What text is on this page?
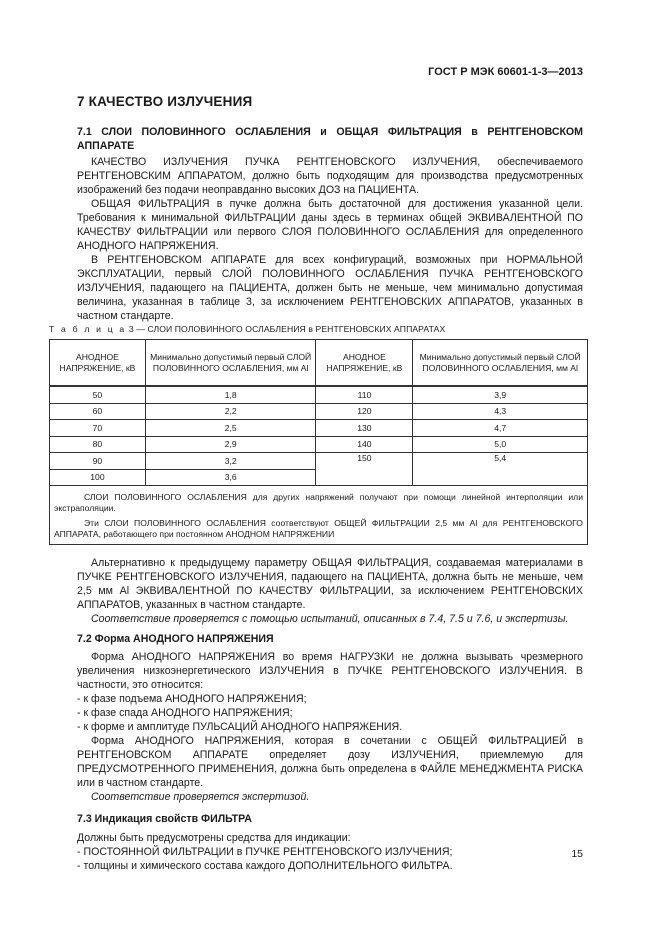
ГОСТ Р МЭК 60601-1-3—2013
7 КАЧЕСТВО ИЗЛУЧЕНИЯ

7.1 СЛОИ ПОЛОВИННОГО ОСЛАБЛЕНИЯ и ОБЩАЯ ФИЛЬТРАЦИЯ в РЕНТГЕНОВСКОМ АППАРАТЕ

КАЧЕСТВО ИЗЛУЧЕНИЯ ПУЧКА РЕНТГЕНОВСКОГО ИЗЛУЧЕНИЯ, обеспечиваемого РЕНТГЕНОВСКИМ АППАРАТОМ, должно быть подходящим для производства предусмотренных изображений без подачи неоправданно высоких ДОЗ на ПАЦИЕНТА.

ОБЩАЯ ФИЛЬТРАЦИЯ в пучке должна быть достаточной для достижения указанной цели. Требования к минимальной ФИЛЬТРАЦИИ даны здесь в терминах общей ЭКВИВАЛЕНТНОЙ ПО КАЧЕСТВУ ФИЛЬТРАЦИИ или первого СЛОЯ ПОЛОВИННОГО ОСЛАБЛЕНИЯ для определенного АНОДНОГО НАПРЯЖЕНИЯ.

В РЕНТГЕНОВСКОМ АППАРАТЕ для всех конфигураций, возможных при НОРМАЛЬНОЙ ЭКСПЛУАТАЦИИ, первый СЛОЙ ПОЛОВИННОГО ОСЛАБЛЕНИЯ ПУЧКА РЕНТГЕНОВСКОГО ИЗЛУЧЕНИЯ, падающего на ПАЦИЕНТА, должен быть не меньше, чем минимально допустимая величина, указанная в таблице 3, за исключением РЕНТГЕНОВСКИХ АППАРАТОВ, указанных в частном стандарте.

Т а б л и ц а 3 — СЛОИ ПОЛОВИННОГО ОСЛАБЛЕНИЯ в РЕНТГЕНОВСКИХ АППАРАТАХ
АНОДНОЕ НАПРЯЖЕНИЕ, кВ	Минимально допустимый первый СЛОЙ ПОЛОВИННОГО ОСЛАБЛЕНИЯ, мм Al	АНОДНОЕ НАПРЯЖЕНИЕ, кВ	Минимально допустимый первый СЛОЙ ПОЛОВИННОГО ОСЛАБЛЕНИЯ, мм Al
50	1,8	110	3,9
60	2,2	120	4,3
70	2,5	130	4,7
80	2,9	140	5,0
90	3,2	150	5,4
100	3,6		

СЛОИ ПОЛОВИННОГО ОСЛАБЛЕНИЯ для других напряжений получают при помощи линейной интерполяции или экстраполяции.

Эти СЛОИ ПОЛОВИННОГО ОСЛАБЛЕНИЯ соответствуют ОБЩЕЙ ФИЛЬТРАЦИИ 2,5 мм Al для РЕНТГЕНОВСКОГО АППАРАТА, работающего при постоянном АНОДНОМ НАПРЯЖЕНИИ			

Альтернативно к предыдущему параметру ОБЩАЯ ФИЛЬТРАЦИЯ, создаваемая материалами в ПУЧКЕ РЕНТГЕНОВСКОГО ИЗЛУЧЕНИЯ, падающего на ПАЦИЕНТА, должна быть не меньше, чем 2,5 мм Al ЭКВИВАЛЕНТНОЙ ПО КАЧЕСТВУ ФИЛЬТРАЦИИ, за исключением РЕНТГЕНОВСКИХ АППАРАТОВ, указанных в частном стандарте.

Соответствие проверяется с помощью испытаний, описанных в 7.4, 7.5 и 7.6, и экспертизы.

7.2 Форма АНОДНОГО НАПРЯЖЕНИЯ

Форма АНОДНОГО НАПРЯЖЕНИЯ во время НАГРУЗКИ не должна вызывать чрезмерного увеличения низкоэнергетического ИЗЛУЧЕНИЯ в ПУЧКЕ РЕНТГЕНОВСКОГО ИЗЛУЧЕНИЯ. В частности, это относится:

- к фазе подъема АНОДНОГО НАПРЯЖЕНИЯ;
- к фазе спада АНОДНОГО НАПРЯЖЕНИЯ;
- к форме и амплитуде ПУЛЬСАЦИЙ АНОДНОГО НАПРЯЖЕНИЯ.

Форма АНОДНОГО НАПРЯЖЕНИЯ, которая в сочетании с ОБЩЕЙ ФИЛЬТРАЦИЕЙ в РЕНТГЕНОВСКОМ АППАРАТЕ определяет дозу ИЗЛУЧЕНИЯ, приемлемую для ПРЕДУСМОТРЕННОГО ПРИМЕНЕНИЯ, должна быть определена в ФАЙЛЕ МЕНЕДЖМЕНТА РИСКА или в частном стандарте.

Соответствие проверяется экспертизой.

7.3 Индикация свойств ФИЛЬТРА

Должны быть предусмотрены средства для индикации:

- ПОСТОЯННОЙ ФИЛЬТРАЦИИ в ПУЧКЕ РЕНТГЕНОВСКОГО ИЗЛУЧЕНИЯ;
- толщины и химического состава каждого ДОПОЛНИТЕЛЬНОГО ФИЛЬТРА.
15
